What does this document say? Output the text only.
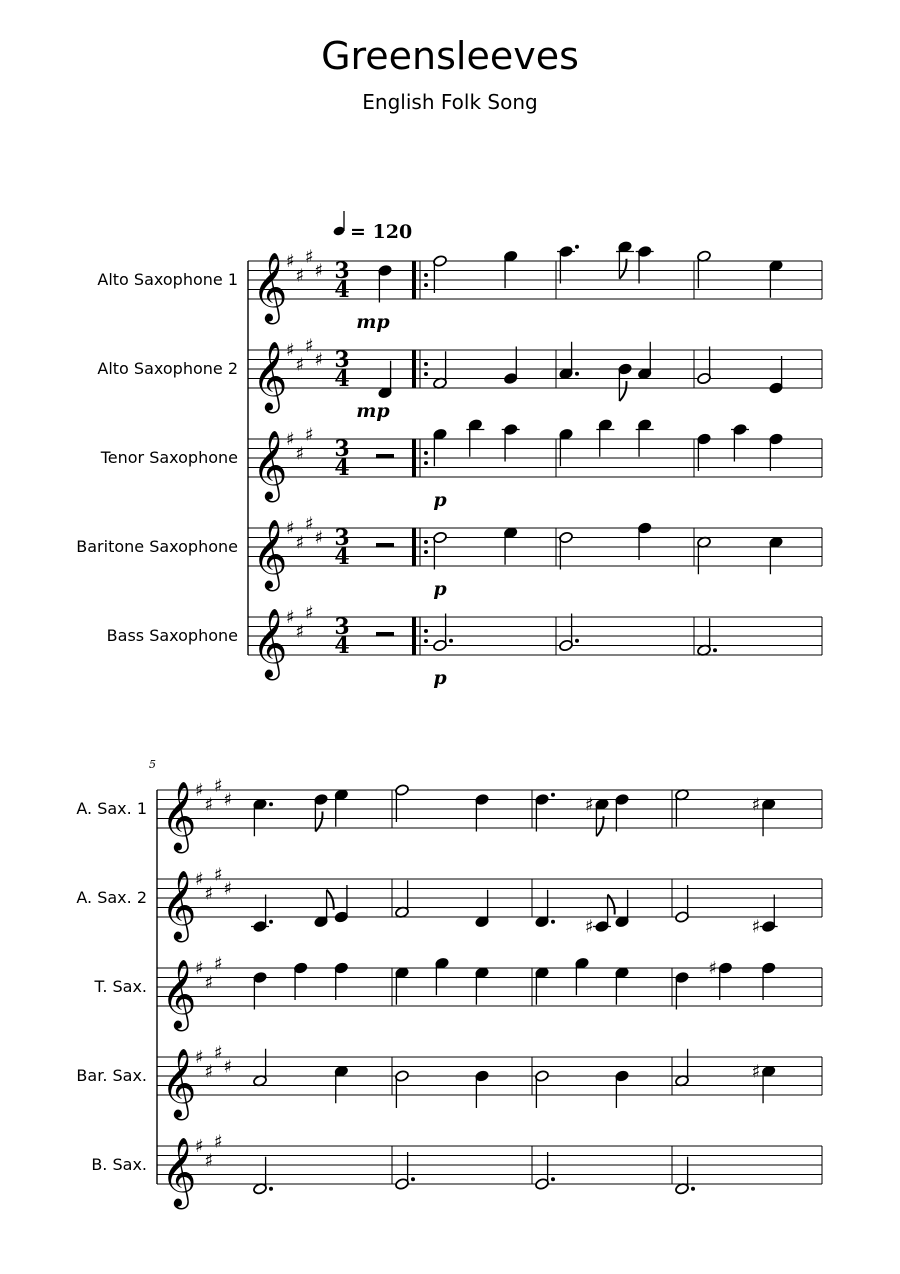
Greensleeves
English Folk Song
= 120
Alto Saxophone 1 𝄞
♯
♯
♯
♯ 3
4
mp
Alto Saxophone 2 𝄞
♯
♯
♯
♯ 3
4
mp
Tenor Saxophone 𝄞
♯
♯
♯
3
4
p
Baritone Saxophone 𝄞
♯
♯
♯
♯ 3
4
p
Bass Saxophone 𝄞
♯
♯
♯
3
4
p
5
A. Sax. 1 𝄞
♯
♯
♯
♯	♯	♯
A. Sax. 2 𝄞
♯
♯
♯
♯
♯	♯
T. Sax. 𝄞
♯
♯
♯	♯
Bar. Sax. 𝄞
♯
♯
♯
♯	♯
B. Sax. 𝄞
♯
♯
♯
